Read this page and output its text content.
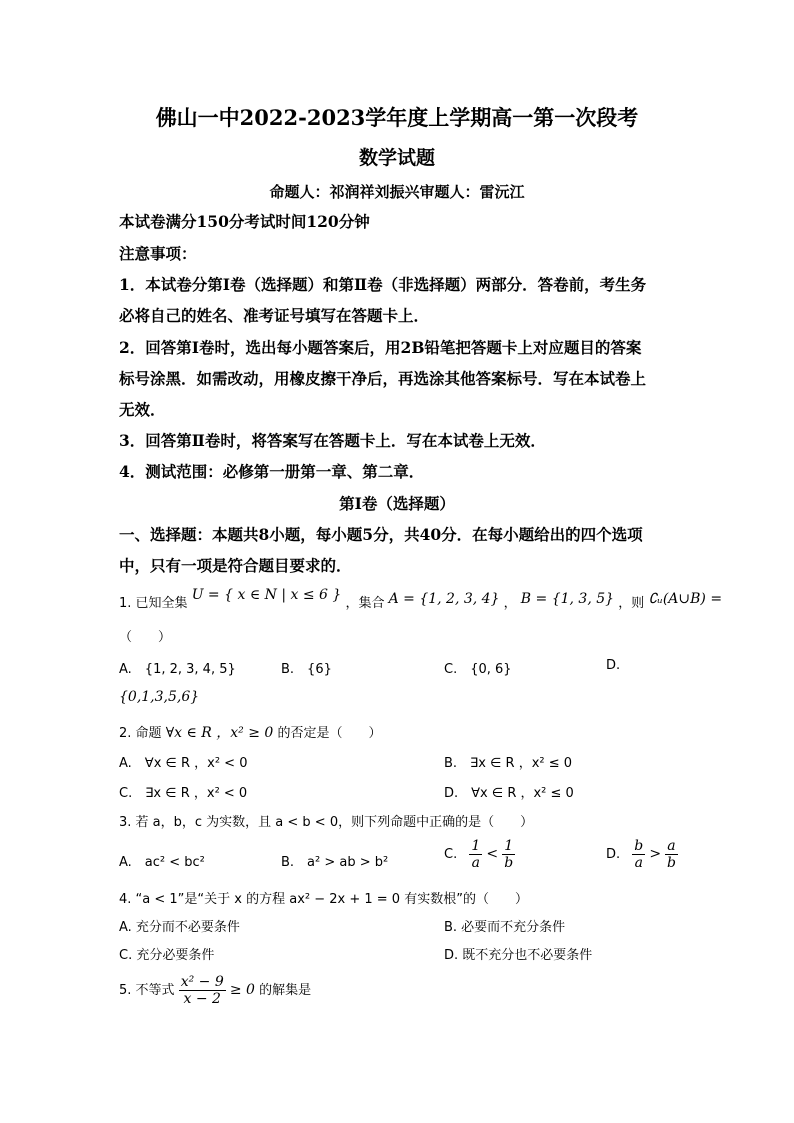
佛山一中2022-2023学年度上学期高一第一次段考
数学试题
命题人：祁润祥刘振兴审题人：雷沅江
本试卷满分150分考试时间120分钟
注意事项：
1．本试卷分第Ⅰ卷（选择题）和第Ⅱ卷（非选择题）两部分．答卷前，考生务
必将自己的姓名、准考证号填写在答题卡上．
2．回答第Ⅰ卷时，选出每小题答案后，用2B铅笔把答题卡上对应题目的答案
标号涂黑．如需改动，用橡皮擦干净后，再选涂其他答案标号．写在本试卷上
无效．
3．回答第Ⅱ卷时，将答案写在答题卡上．写在本试卷上无效．
4．测试范围：必修第一册第一章、第二章．
第Ⅰ卷（选择题）
一、选择题：本题共8小题，每小题5分，共40分．在每小题给出的四个选项
中，只有一项是符合题目要求的．
1. 已知全集 U = { x ∈ N | x ≤ 6 } ，集合 A = {1, 2, 3, 4} ， B = {1, 3, 5} ，则 ∁ᵤ(A∪B) =
（　　）
A.　{1, 2, 3, 4, 5}	B.　{6}	C.　{0, 6}	D.
{0,1,3,5,6}
2. 命题 ∀x ∈ R ，x² ≥ 0 的否定是（　　）
A.　∀x ∈ R ，x² < 0	B.　∃x ∈ R ，x² ≤ 0
C.　∃x ∈ R ，x² < 0	D.　∀x ∈ R ，x² ≤ 0
3. 若 a，b，c 为实数，且 a < b < 0，则下列命题中正确的是（　　）
A.　ac² < bc²	B.　a² > ab > b²
C. $\frac{1}{a} < \frac{1}{b}$	D. $\frac{b}{a} > \frac{a}{b}$
4. “a < 1”是“关于 x 的方程 ax² − 2x + 1 = 0 有实数根”的（　　）
A. 充分而不必要条件	B. 必要而不充分条件
C. 充分必要条件	D. 既不充分也不必要条件
5. 不等式 $\frac{\text{x² − 9}}{x - 2} \ge 0$ 的解集是
